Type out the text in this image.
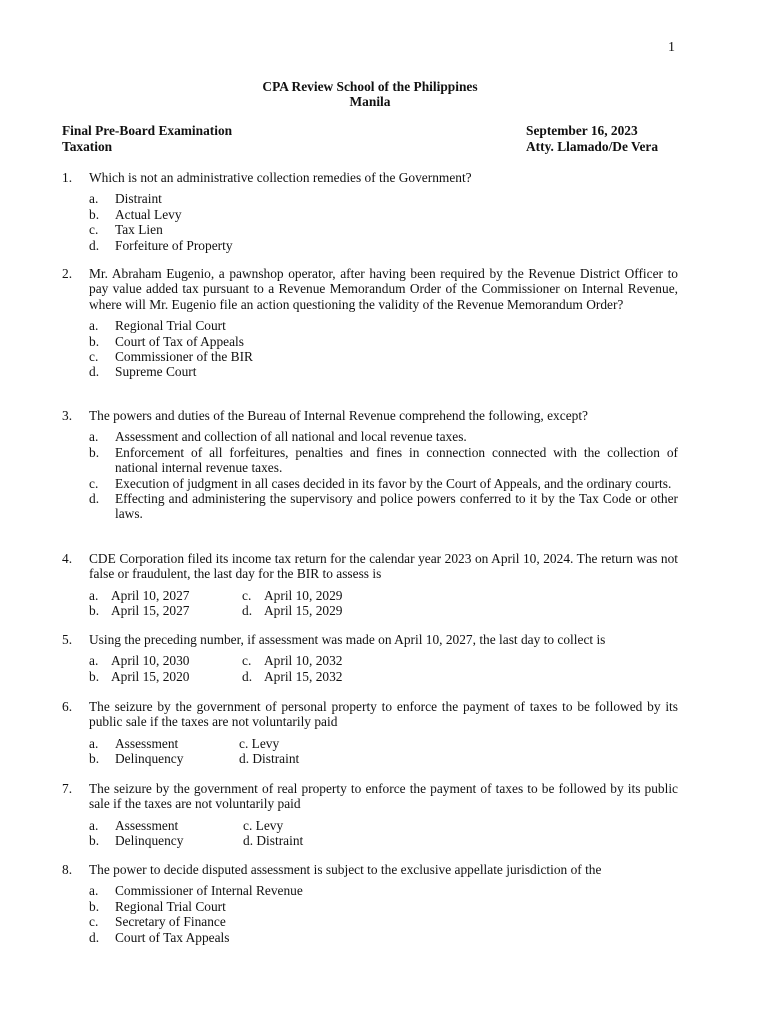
1
CPA Review School of the Philippines
Manila
Final Pre-Board Examination	September 16, 2023
Taxation	Atty. Llamado/De Vera
1. Which is not an administrative collection remedies of the Government?
a.	Distraint
b.	Actual Levy
c.	Tax Lien
d.	Forfeiture of Property
2. Mr. Abraham Eugenio, a pawnshop operator, after having been required by the Revenue District Officer to pay value added tax pursuant to a Revenue Memorandum Order of the Commissioner on Internal Revenue, where will Mr. Eugenio file an action questioning the validity of the Revenue Memorandum Order?
a.	Regional Trial Court
b.	Court of Tax of Appeals
c.	Commissioner of the BIR
d.	Supreme Court
3. The powers and duties of the Bureau of Internal Revenue comprehend the following, except?
a.	Assessment and collection of all national and local revenue taxes.
b.	Enforcement of all forfeitures, penalties and fines in connection connected with the collection of national internal revenue taxes.
c.	Execution of judgment in all cases decided in its favor by the Court of Appeals, and the ordinary courts.
d.	Effecting and administering the supervisory and police powers conferred to it by the Tax Code or other laws.
4. CDE Corporation filed its income tax return for the calendar year 2023 on April 10, 2024. The return was not false or fraudulent, the last day for the BIR to assess is
a. April 10, 2027	c. April 10, 2029
b. April 15, 2027	d. April 15, 2029
5. Using the preceding number, if assessment was made on April 10, 2027, the last day to collect is
a. April 10, 2030	c. April 10, 2032
b. April 15, 2020	d. April 15, 2032
6. The seizure by the government of personal property to enforce the payment of taxes to be followed by its public sale if the taxes are not voluntarily paid
a.	Assessment	c. Levy
b.	Delinquency	d. Distraint
7. The seizure by the government of real property to enforce the payment of taxes to be followed by its public sale if the taxes are not voluntarily paid
a.	Assessment	c. Levy
b.	Delinquency	d. Distraint
8. The power to decide disputed assessment is subject to the exclusive appellate jurisdiction of the
a.	Commissioner of Internal Revenue
b.	Regional Trial Court
c.	Secretary of Finance
d.	Court of Tax Appeals
